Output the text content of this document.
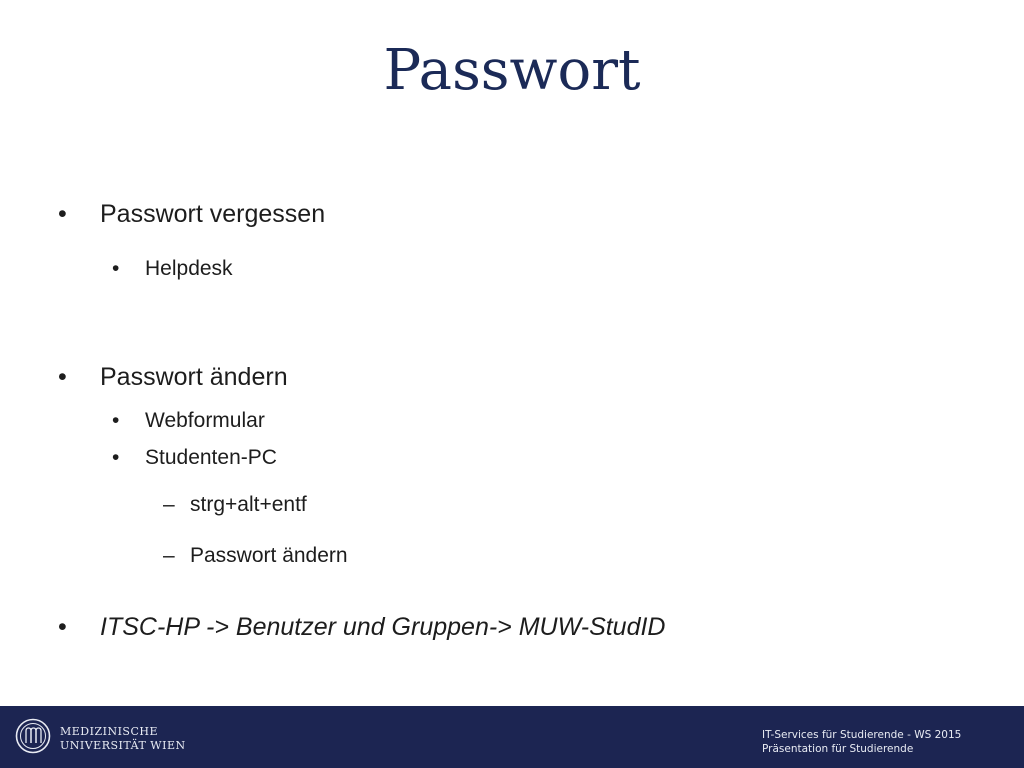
Passwort
• Passwort vergessen
• Helpdesk
• Passwort ändern
• Webformular
• Studenten-PC
– strg+alt+entf
– Passwort ändern
• ITSC-HP -> Benutzer und Gruppen-> MUW-StudID
MEDIZINISCHE
UNIVERSITÄT WIEN
IT-Services für Studierende - WS 2015
Präsentation für Studierende
